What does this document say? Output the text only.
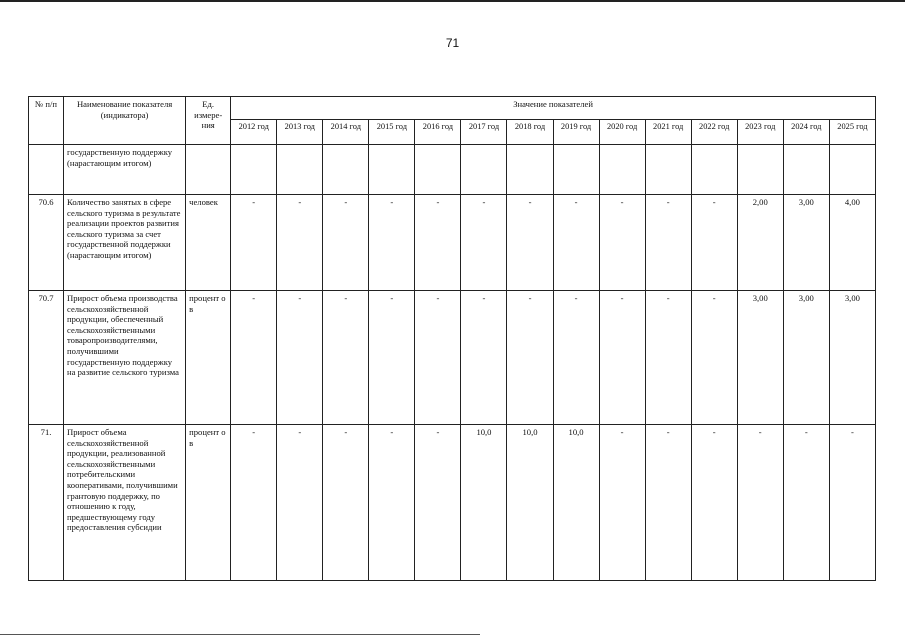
71
№ п/п	Наименование показателя (индикатора)	Ед. измере-ния	Значение показателей													
			2012 год	2013 год	2014 год	2015 год	2016 год	2017 год	2018 год	2019 год	2020 год	2021 год	2022 год	2023 год	2024 год	2025 год
	государственную поддержку (нарастающим итогом)															
70.6	Количество занятых в сфере сельского туризма в результате реализации проектов развития сельского туризма за счет государственной поддержки (нарастающим итогом)	человек	-	-	-	-	-	-	-	-	-	-	-	2,00	3,00	4,00
70.7	Прирост объема производства сельскохозяйственной продукции, обеспеченный сельскохозяйственными товаропроизводителями, получившими государственную поддержку на развитие сельского туризма	процент ов	-	-	-	-	-	-	-	-	-	-	-	3,00	3,00	3,00
71.	Прирост объема сельскохозяйственной продукции, реализованной сельскохозяйственными потребительскими кооперативами, получившими грантовую поддержку, по отношению к году, предшествующему году предоставления субсидии	процент ов	-	-	-	-	-	10,0	10,0	10,0	-	-	-	-	-	-
